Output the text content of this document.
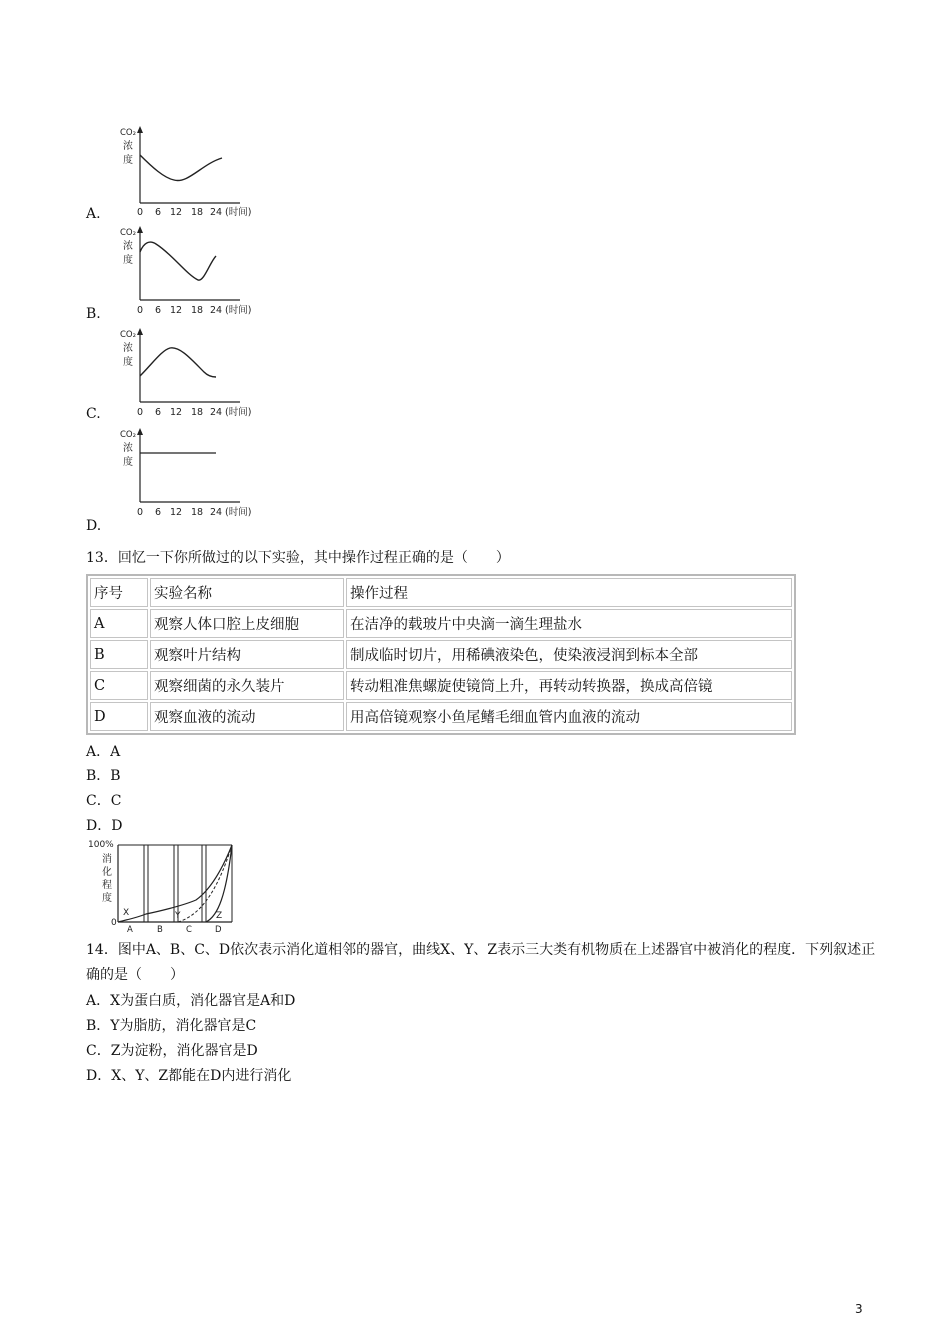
CO₂
浓
度
0 6 12 18 24 (时间)
A.
CO₂
浓
度
0 6 12 18 24 (时间)
B.
CO₂
浓
度
0 6 12 18 24 (时间)
C.
CO₂
浓
度
0 6 12 18 24 (时间)
D.
13．回忆一下你所做过的以下实验，其中操作过程正确的是（　　）
序号	实验名称	操作过程
A	观察人体口腔上皮细胞	在洁净的载玻片中央滴一滴生理盐水
B	观察叶片结构	制成临时切片，用稀碘液染色，使染液浸润到标本全部
C	观察细菌的永久装片	转动粗准焦螺旋使镜筒上升，再转动转换器，换成高倍镜
D	观察血液的流动	用高倍镜观察小鱼尾鳍毛细血管内血液的流动
A．A
B．B
C．C
D．D
100%
消
化
程
度
0
X	Y	Z
A	B	C	D
14．图中A、B、C、D依次表示消化道相邻的器官，曲线X、Y、Z表示三大类有机物质在上述器官中被消化的程度．下列叙述正确的是（　　）
A．X为蛋白质，消化器官是A和D
B．Y为脂肪，消化器官是C
C．Z为淀粉，消化器官是D
D．X、Y、Z都能在D内进行消化
3
